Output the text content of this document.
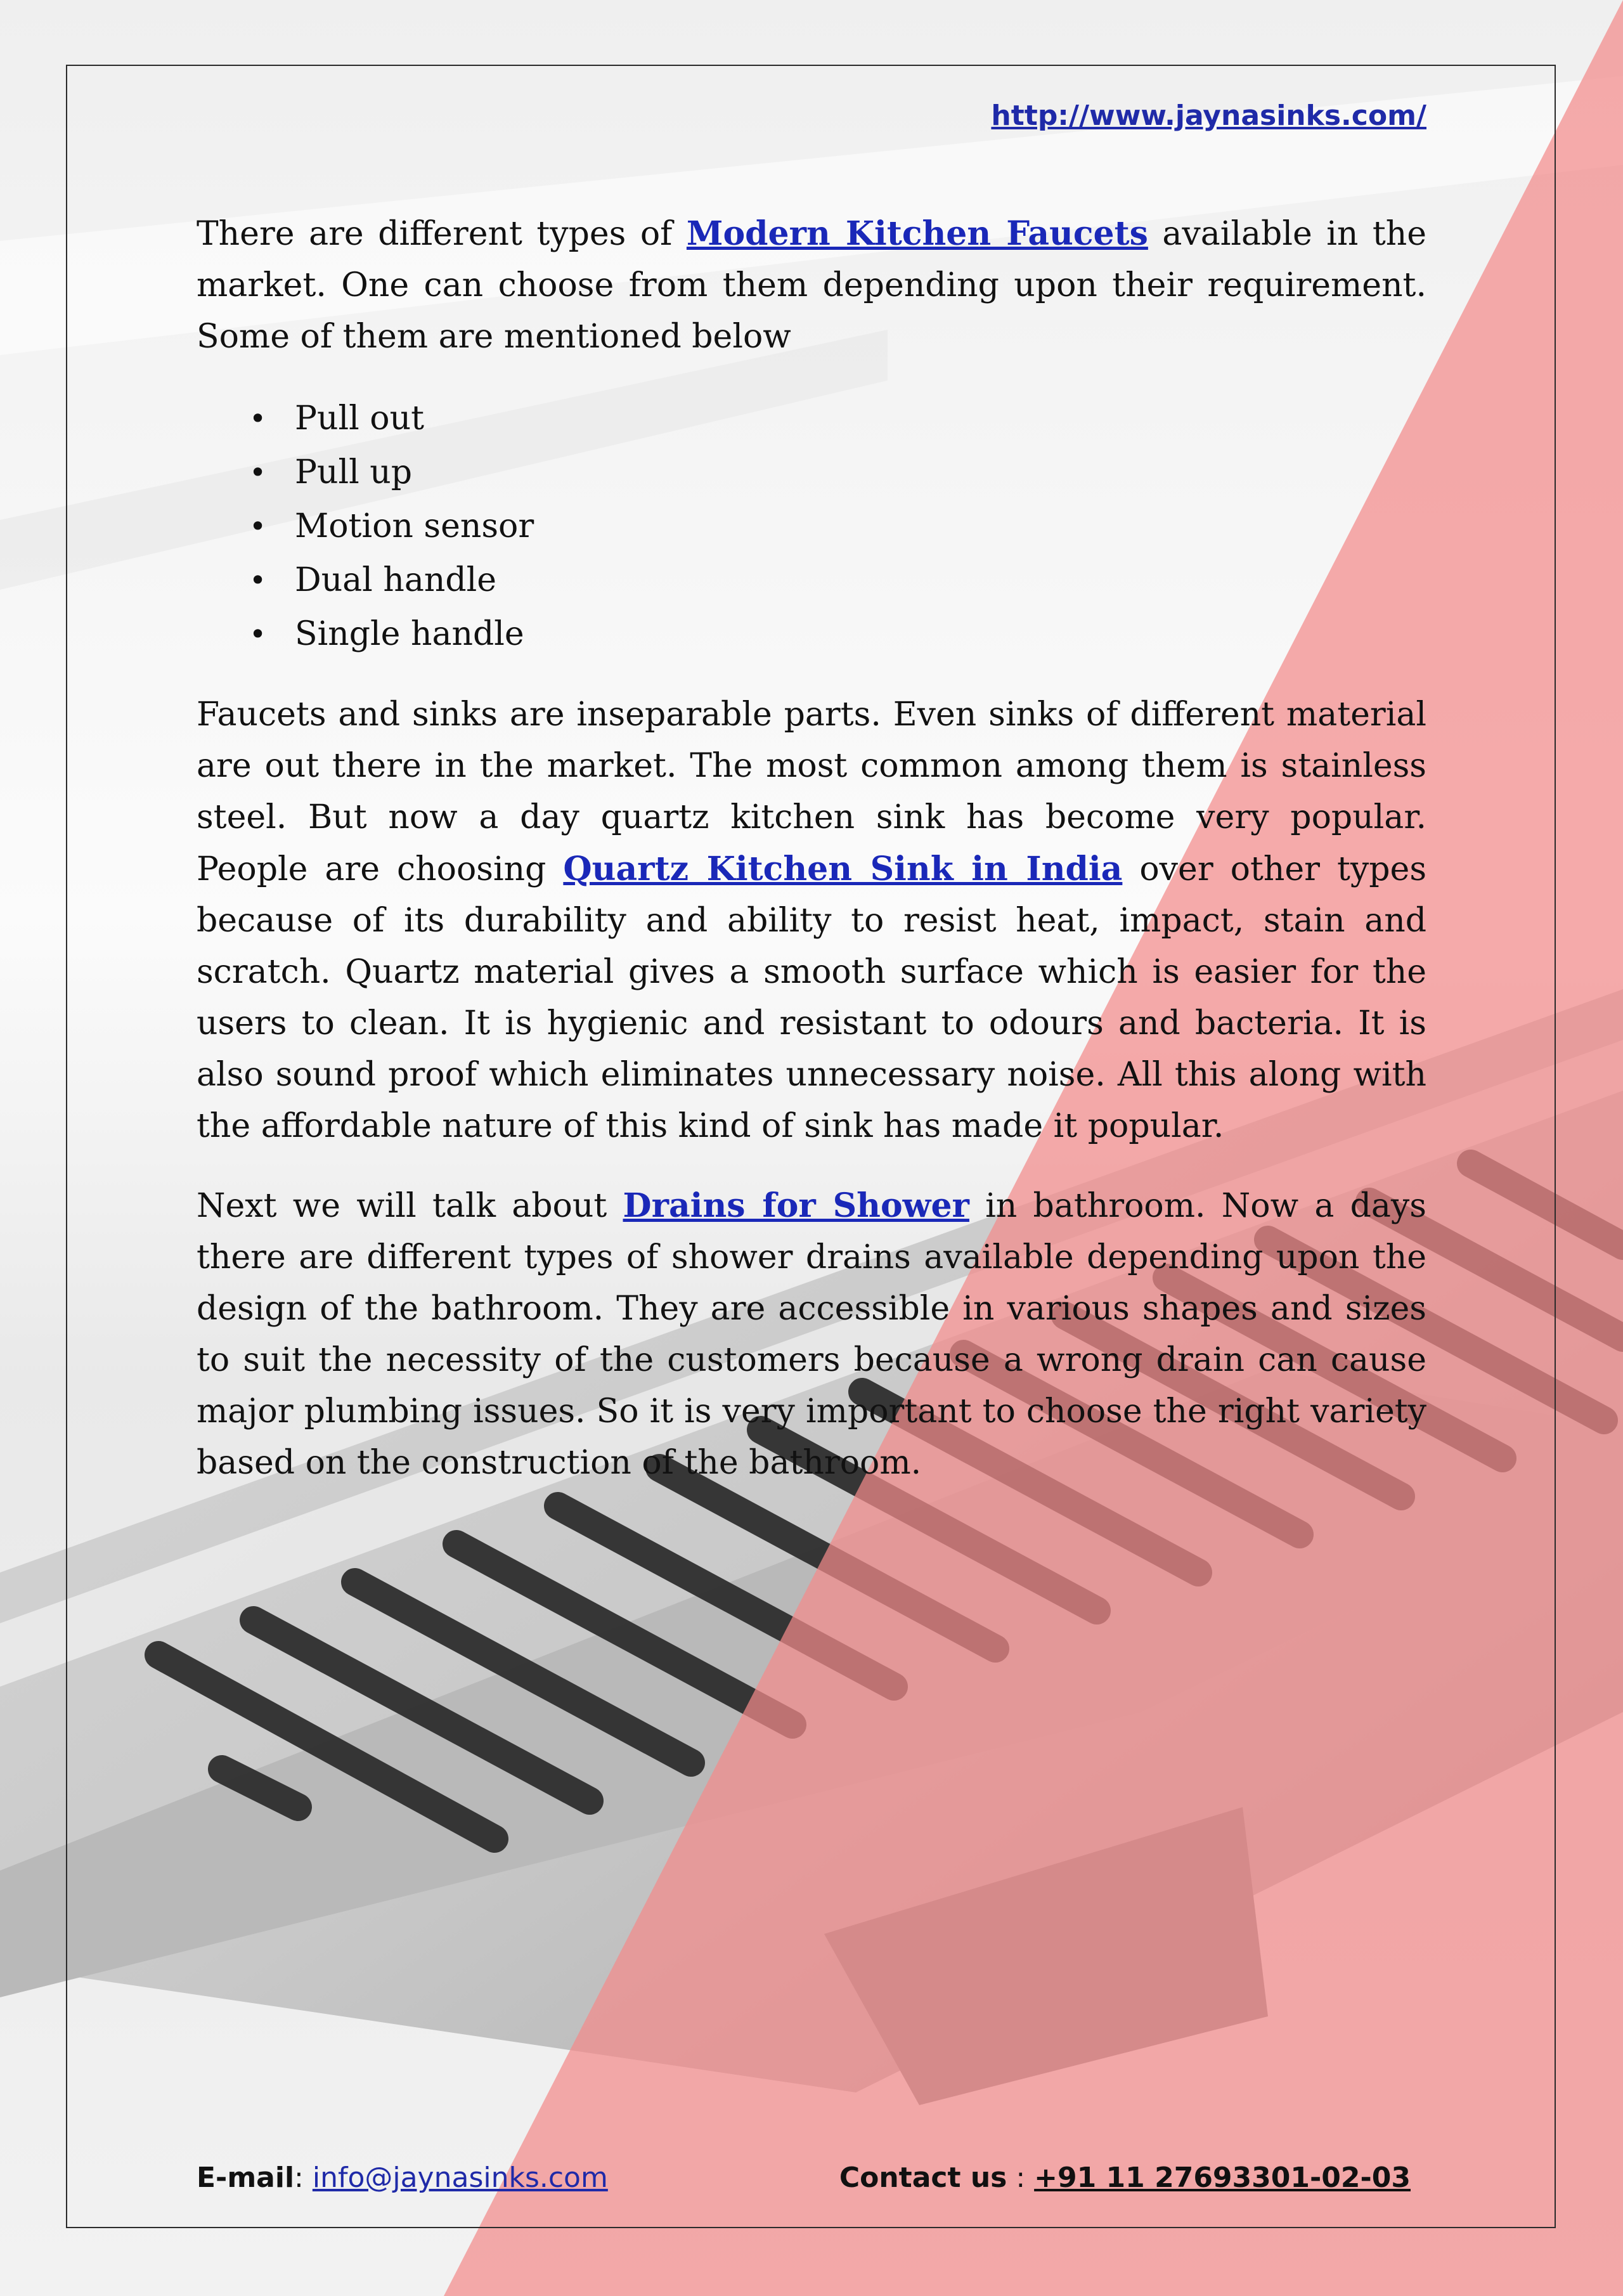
http://www.jaynasinks.com/

There are different types of Modern Kitchen Faucets available in the market. One can choose from them depending upon their requirement. Some of them are mentioned below

• Pull out
• Pull up
• Motion sensor
• Dual handle
• Single handle

Faucets and sinks are inseparable parts. Even sinks of different material are out there in the market. The most common among them is stainless steel. But now a day quartz kitchen sink has become very popular. People are choosing Quartz Kitchen Sink in India over other types because of its durability and ability to resist heat, impact, stain and scratch. Quartz material gives a smooth surface which is easier for the users to clean. It is hygienic and resistant to odours and bacteria. It is also sound proof which eliminates unnecessary noise. All this along with the affordable nature of this kind of sink has made it popular.

Next we will talk about Drains for Shower in bathroom. Now a days there are different types of shower drains available depending upon the design of the bathroom. They are accessible in various shapes and sizes to suit the necessity of the customers because a wrong drain can cause major plumbing issues. So it is very important to choose the right variety based on the construction of the bathroom.

E-mail: info@jaynasinks.com	Contact us : +91 11 27693301-02-03
